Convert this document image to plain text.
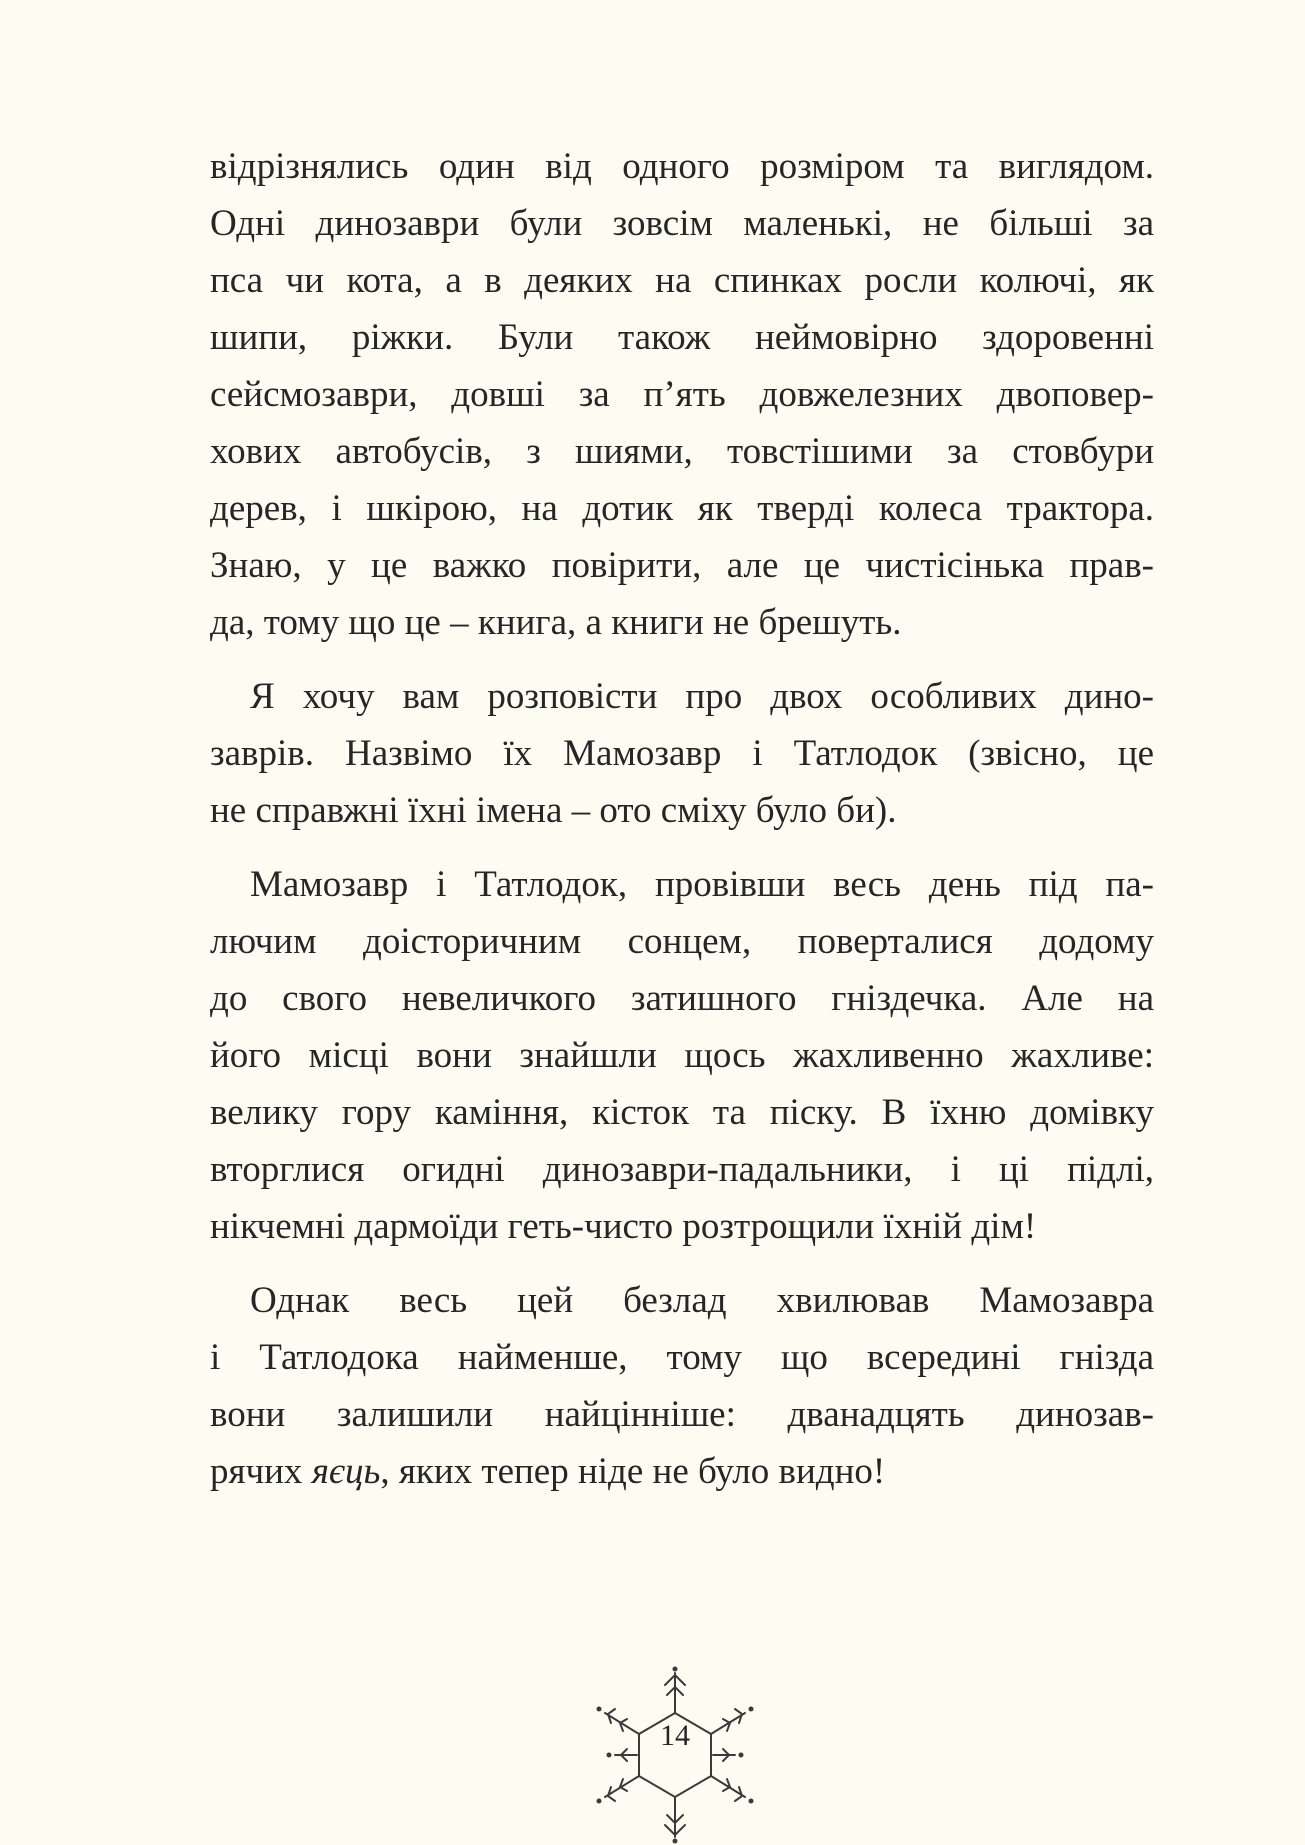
відрізнялись один від одного розміром та виглядом.
Одні динозаври були зовсім маленькі, не більші за
пса чи кота, а в деяких на спинках росли колючі, як
шипи, ріжки. Були також неймовірно здоровенні
сейсмозаври, довші за п’ять довжелезних двоповер-
хових автобусів, з шиями, товстішими за стовбури
дерев, і шкірою, на дотик як тверді колеса трактора.
Знаю, у це важко повірити, але це чистісінька прав-
да, тому що це – книга, а книги не брешуть.
Я хочу вам розповісти про двох особливих дино-
заврів. Назвімо їх Мамозавр і Татлодок (звісно, це
не справжні їхні імена – ото сміху було би).
Мамозавр і Татлодок, провівши весь день під па-
лючим доісторичним сонцем, поверталися додому
до свого невеличкого затишного гніздечка. Але на
його місці вони знайшли щось жахливенно жахливе:
велику гору каміння, кісток та піску. В їхню домівку
вторглися огидні динозаври-падальники, і ці підлі,
нікчемні дармоїди геть-чисто розтрощили їхній дім!
Однак весь цей безлад хвилював Мамозавра
і Татлодока найменше, тому що всередині гнізда
вони залишили найцінніше: дванадцять динозав-
рячих яєць, яких тепер ніде не було видно!
14
